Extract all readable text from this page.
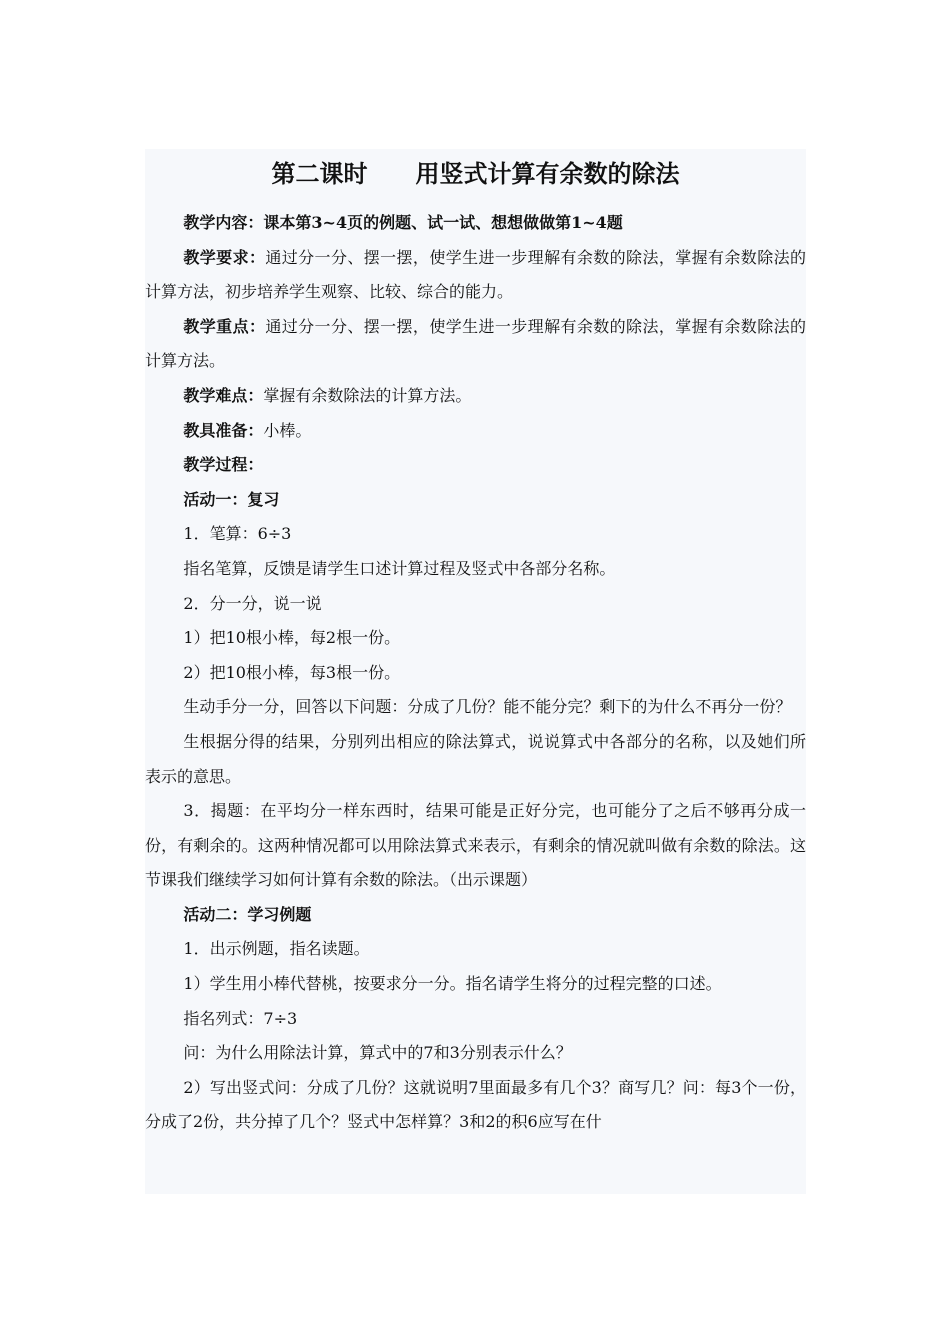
第二课时　　用竖式计算有余数的除法

教学内容：课本第3~4页的例题、试一试、想想做做第1~4题

教学要求：通过分一分、摆一摆，使学生进一步理解有余数的除法，掌握有余数除法的计算方法，初步培养学生观察、比较、综合的能力。

教学重点：通过分一分、摆一摆，使学生进一步理解有余数的除法，掌握有余数除法的计算方法。

教学难点：掌握有余数除法的计算方法。

教具准备：小棒。

教学过程：

活动一：复习

1．笔算：6÷3

指名笔算，反馈是请学生口述计算过程及竖式中各部分名称。

2．分一分，说一说

1）把10根小棒，每2根一份。

2）把10根小棒，每3根一份。

生动手分一分，回答以下问题：分成了几份？能不能分完？剩下的为什么不再分一份？

生根据分得的结果，分别列出相应的除法算式，说说算式中各部分的名称，以及她们所表示的意思。

3．揭题：在平均分一样东西时，结果可能是正好分完，也可能分了之后不够再分成一份，有剩余的。这两种情况都可以用除法算式来表示，有剩余的情况就叫做有余数的除法。这节课我们继续学习如何计算有余数的除法。（出示课题）

活动二：学习例题

1．出示例题，指名读题。

1）学生用小棒代替桃，按要求分一分。指名请学生将分的过程完整的口述。

指名列式：7÷3

问：为什么用除法计算，算式中的7和3分别表示什么？

2）写出竖式问：分成了几份？这就说明7里面最多有几个3？商写几？问：每3个一份，分成了2份，共分掉了几个？竖式中怎样算？3和2的积6应写在什
